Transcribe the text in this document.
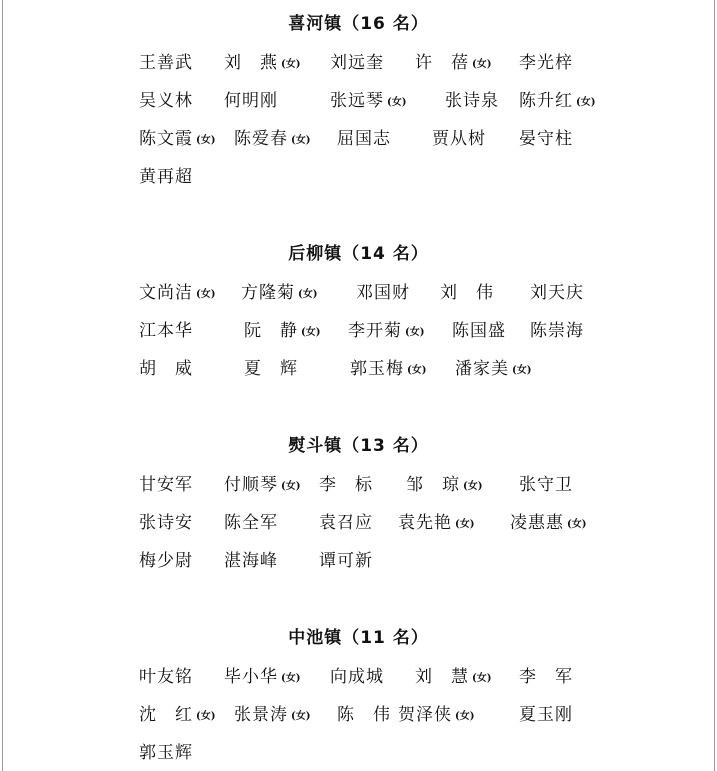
喜河镇（16 名）
王善武 刘　燕 (女) 刘远奎 许　蓓 (女) 李光梓
吴义林 何明刚	张远琴 (女) 张诗泉 陈升红 (女)
陈文霞 (女) 陈爱春 (女) 屈国志 贾从树 晏守柱
黄再超
后柳镇（14 名）
文尚洁 (女) 方隆菊 (女) 邓国财 刘　伟 刘天庆
江本华	阮　静 (女) 李开菊 (女) 陈国盛 陈崇海
胡　威	夏　辉	郭玉梅 (女) 潘家美 (女)
熨斗镇（13 名）
甘安军 付顺琴 (女) 李　标 邹　琼 (女) 张守卫
张诗安 陈全军 袁召应 袁先艳 (女) 凌惠惠 (女)
梅少尉 湛海峰 谭可新
中池镇（11 名）
叶友铭 毕小华 (女) 向成城 刘　慧 (女) 李　军
沈　红 (女) 张景涛 (女) 陈　伟 贺泽侠 (女)	夏玉刚
郭玉辉
